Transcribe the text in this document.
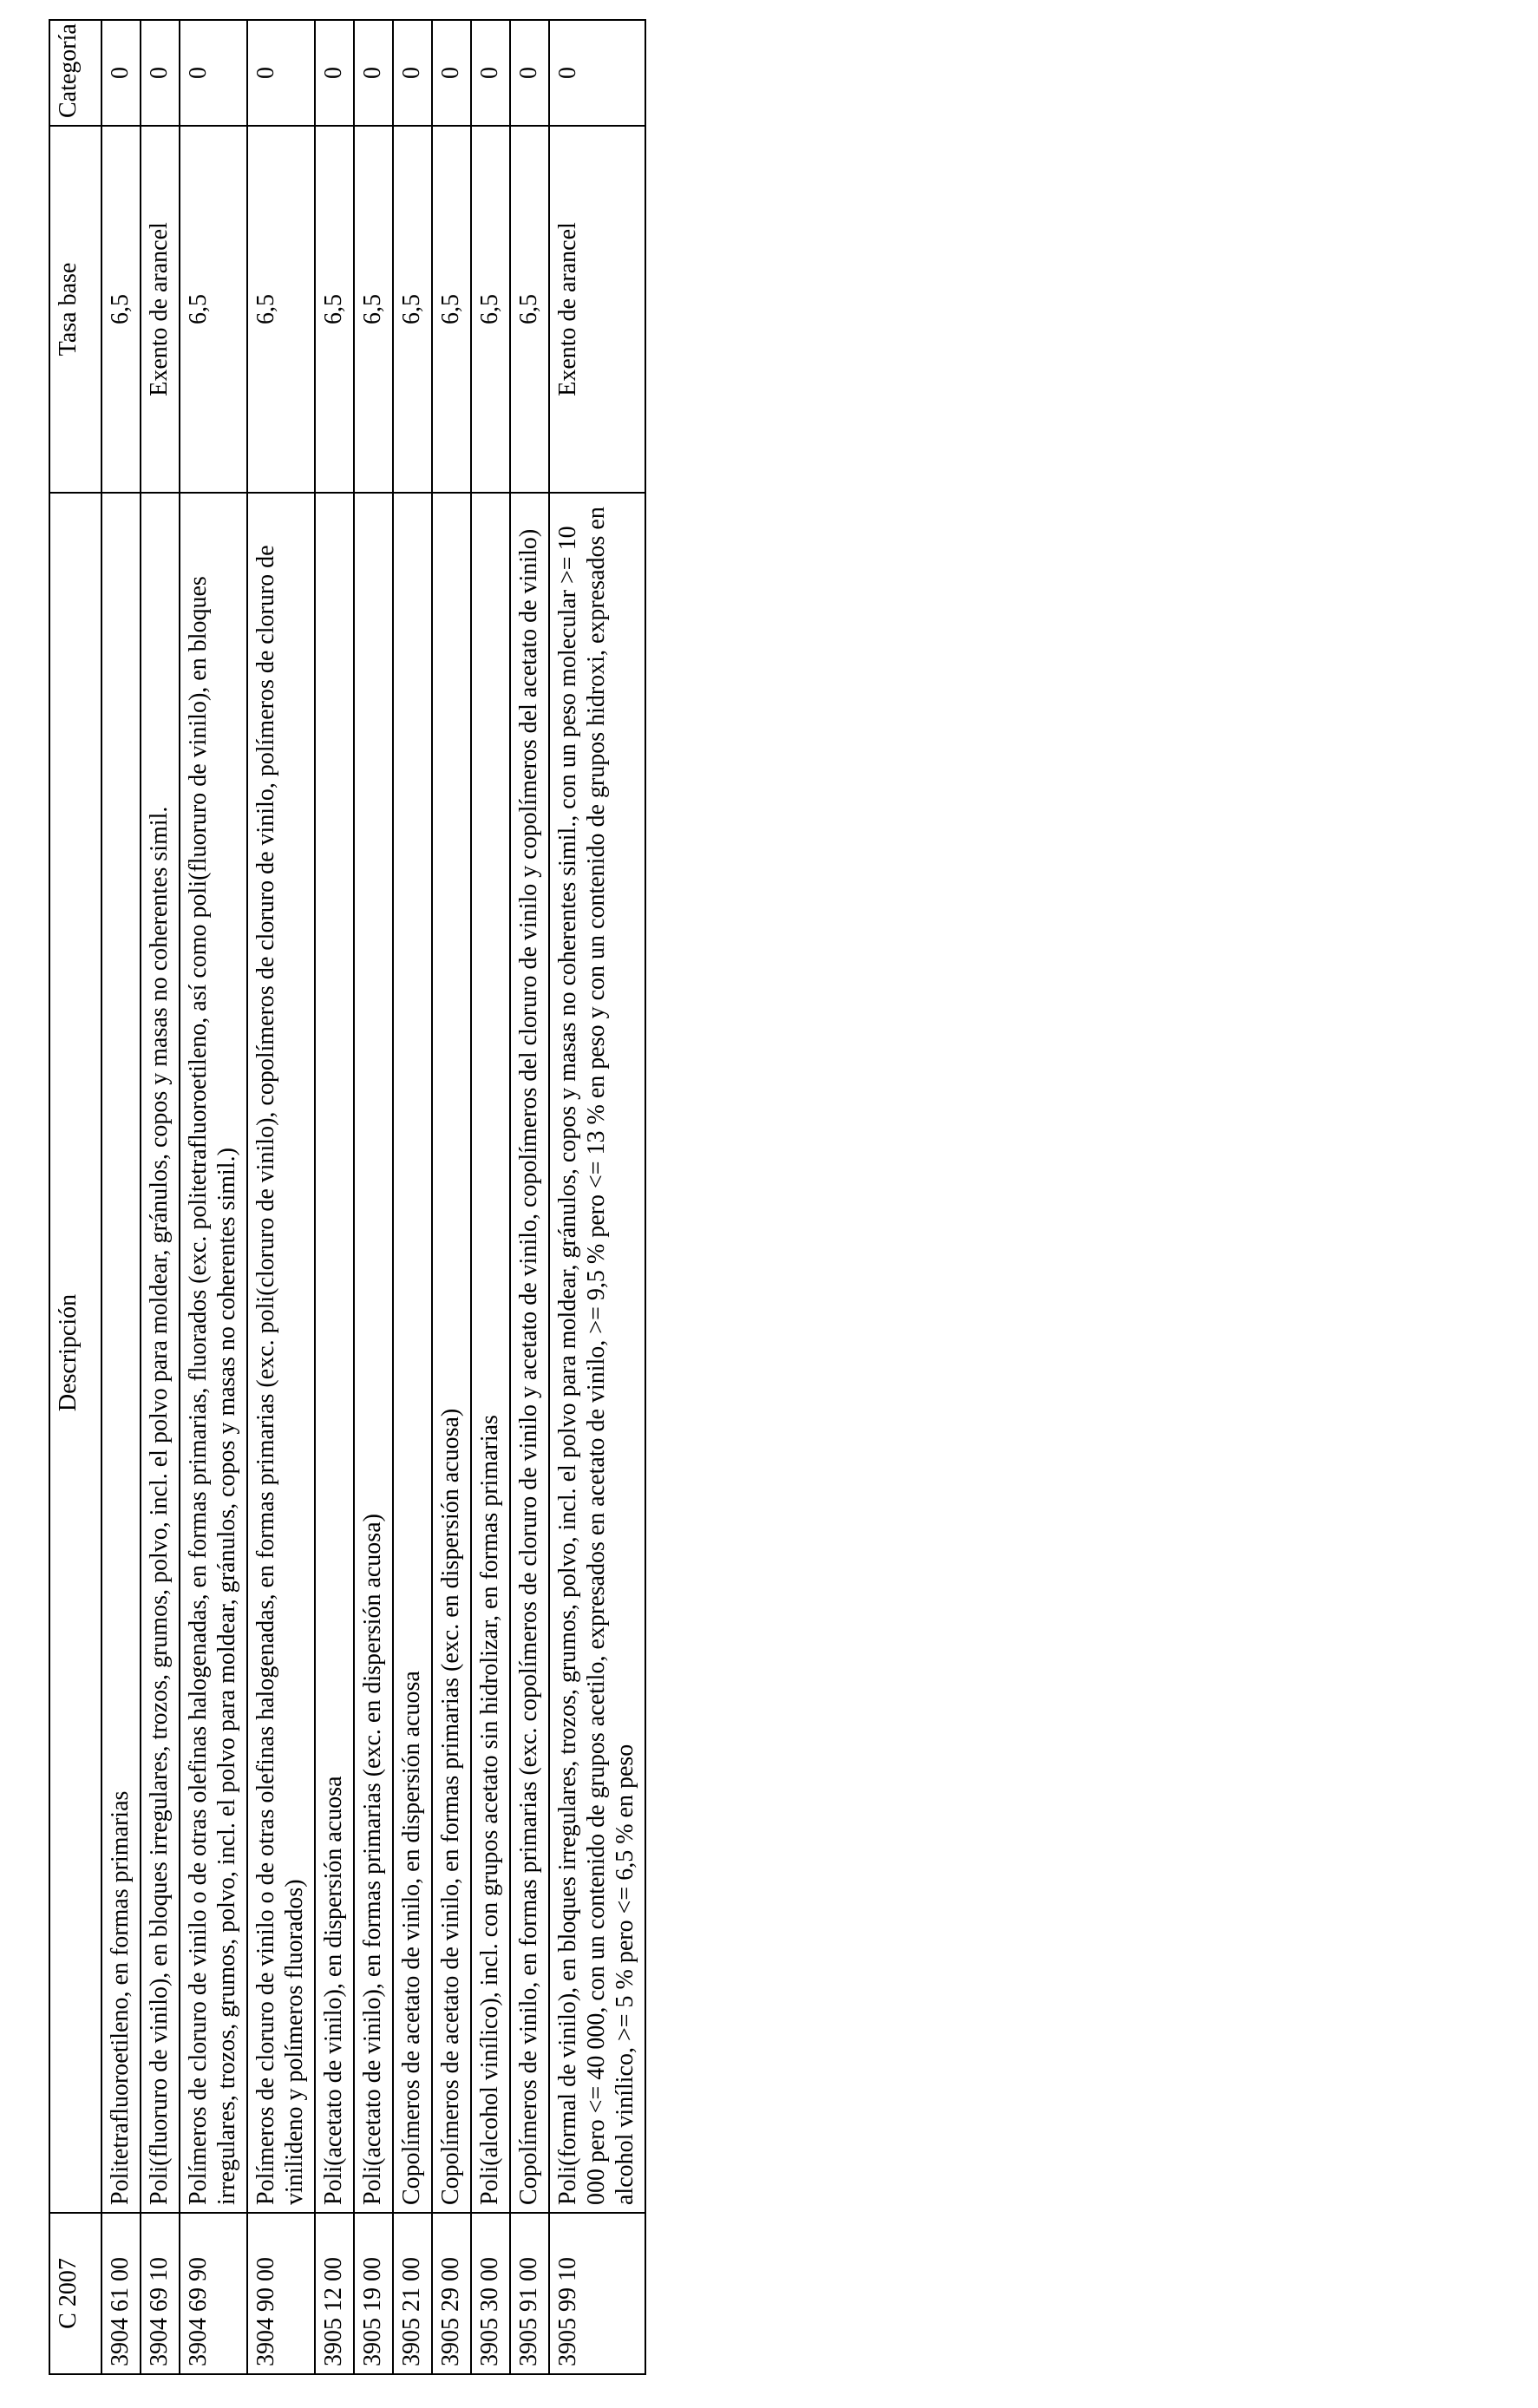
C 2007	Descripción	Tasa base	Categoría
3904 61 00	Politetrafluoroetileno, en formas primarias	6,5	0
3904 69 10	Poli(fluoruro de vinilo), en bloques irregulares, trozos, grumos, polvo, incl. el polvo para moldear, gránulos, copos y masas no coherentes simil.	Exento de arancel	0
3904 69 90	Polímeros de cloruro de vinilo o de otras olefinas halogenadas, en formas primarias, fluorados (exc. politetrafluoroetileno, así como poli(fluoruro de vinilo), en bloques irregulares, trozos, grumos, polvo, incl. el polvo para moldear, gránulos, copos y masas no coherentes simil.)	6,5	0
3904 90 00	Polímeros de cloruro de vinilo o de otras olefinas halogenadas, en formas primarias (exc. poli(cloruro de vinilo), copolímeros de cloruro de vinilo, polímeros de cloruro de vinilideno y polímeros fluorados)	6,5	0
3905 12 00	Poli(acetato de vinilo), en dispersión acuosa	6,5	0
3905 19 00	Poli(acetato de vinilo), en formas primarias (exc. en dispersión acuosa)	6,5	0
3905 21 00	Copolímeros de acetato de vinilo, en dispersión acuosa	6,5	0
3905 29 00	Copolímeros de acetato de vinilo, en formas primarias (exc. en dispersión acuosa)	6,5	0
3905 30 00	Poli(alcohol vinílico), incl. con grupos acetato sin hidrolizar, en formas primarias	6,5	0
3905 91 00	Copolímeros de vinilo, en formas primarias (exc. copolímeros de cloruro de vinilo y acetato de vinilo, copolímeros del cloruro de vinilo y copolímeros del acetato de vinilo)	6,5	0
3905 99 10	Poli(formal de vinilo), en bloques irregulares, trozos, grumos, polvo, incl. el polvo para moldear, gránulos, copos y masas no coherentes simil., con un peso molecular >= 10 000 pero <= 40 000, con un contenido de grupos acetilo, expresados en acetato de vinilo, >= 9,5 % pero <= 13 % en peso y con un contenido de grupos hidroxi, expresados en alcohol vinílico, >= 5 % pero <= 6,5 % en peso	Exento de arancel	0
